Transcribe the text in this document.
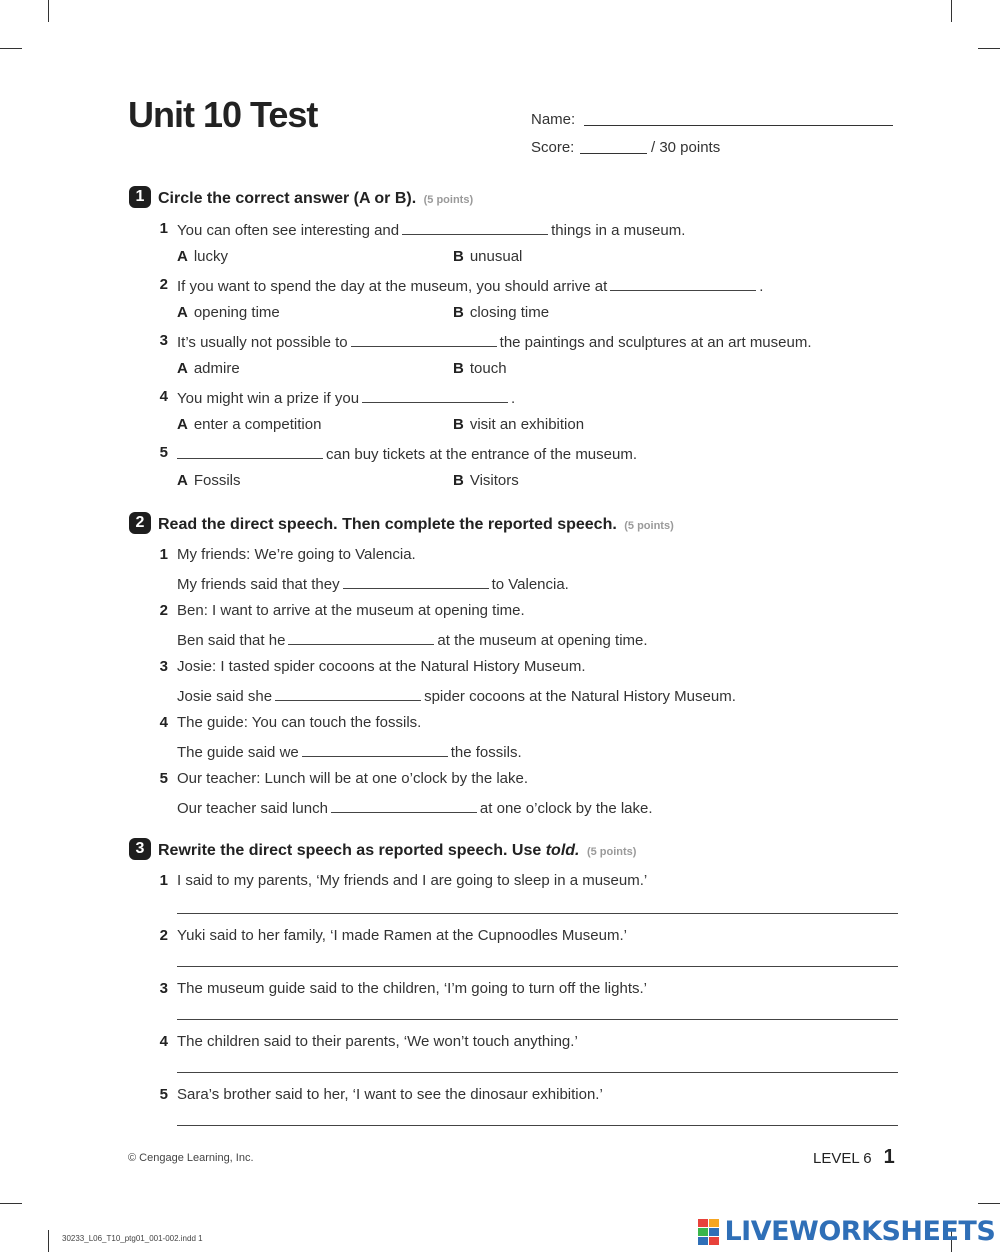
Unit 10 Test	Name:
Score:	/ 30 points
1 Circle the correct answer (A or B). (5 points)
1 You can often see interesting and	things in a museum.
A lucky	B unusual
2 If you want to spend the day at the museum, you should arrive at	.
A opening time	B closing time
3 It’s usually not possible to	the paintings and sculptures at an art museum.
A admire	B touch
4 You might win a prize if you	.
A enter a competition	B visit an exhibition
5	can buy tickets at the entrance of the museum.
A Fossils	B Visitors
2 Read the direct speech. Then complete the reported speech. (5 points)
1 My friends: We’re going to Valencia.
My friends said that they	to Valencia.
2 Ben: I want to arrive at the museum at opening time.
Ben said that he	at the museum at opening time.
3 Josie: I tasted spider cocoons at the Natural History Museum.
Josie said she	spider cocoons at the Natural History Museum.
4 The guide: You can touch the fossils.
The guide said we	the fossils.
5 Our teacher: Lunch will be at one o’clock by the lake.
Our teacher said lunch	at one o’clock by the lake.
3 Rewrite the direct speech as reported speech. Use told. (5 points)
1 I said to my parents, ‘My friends and I are going to sleep in a museum.’
2 Yuki said to her family, ‘I made Ramen at the Cupnoodles Museum.’
3 The museum guide said to the children, ‘I’m going to turn off the lights.’
4 The children said to their parents, ‘We won’t touch anything.’
5 Sara’s brother said to her, ‘I want to see the dinosaur exhibition.’
© Cengage Learning, Inc.	LEVEL 6 1
30233_L06_T10_ptg01_001-002.indd 1	LIVEWORKSHEETS
